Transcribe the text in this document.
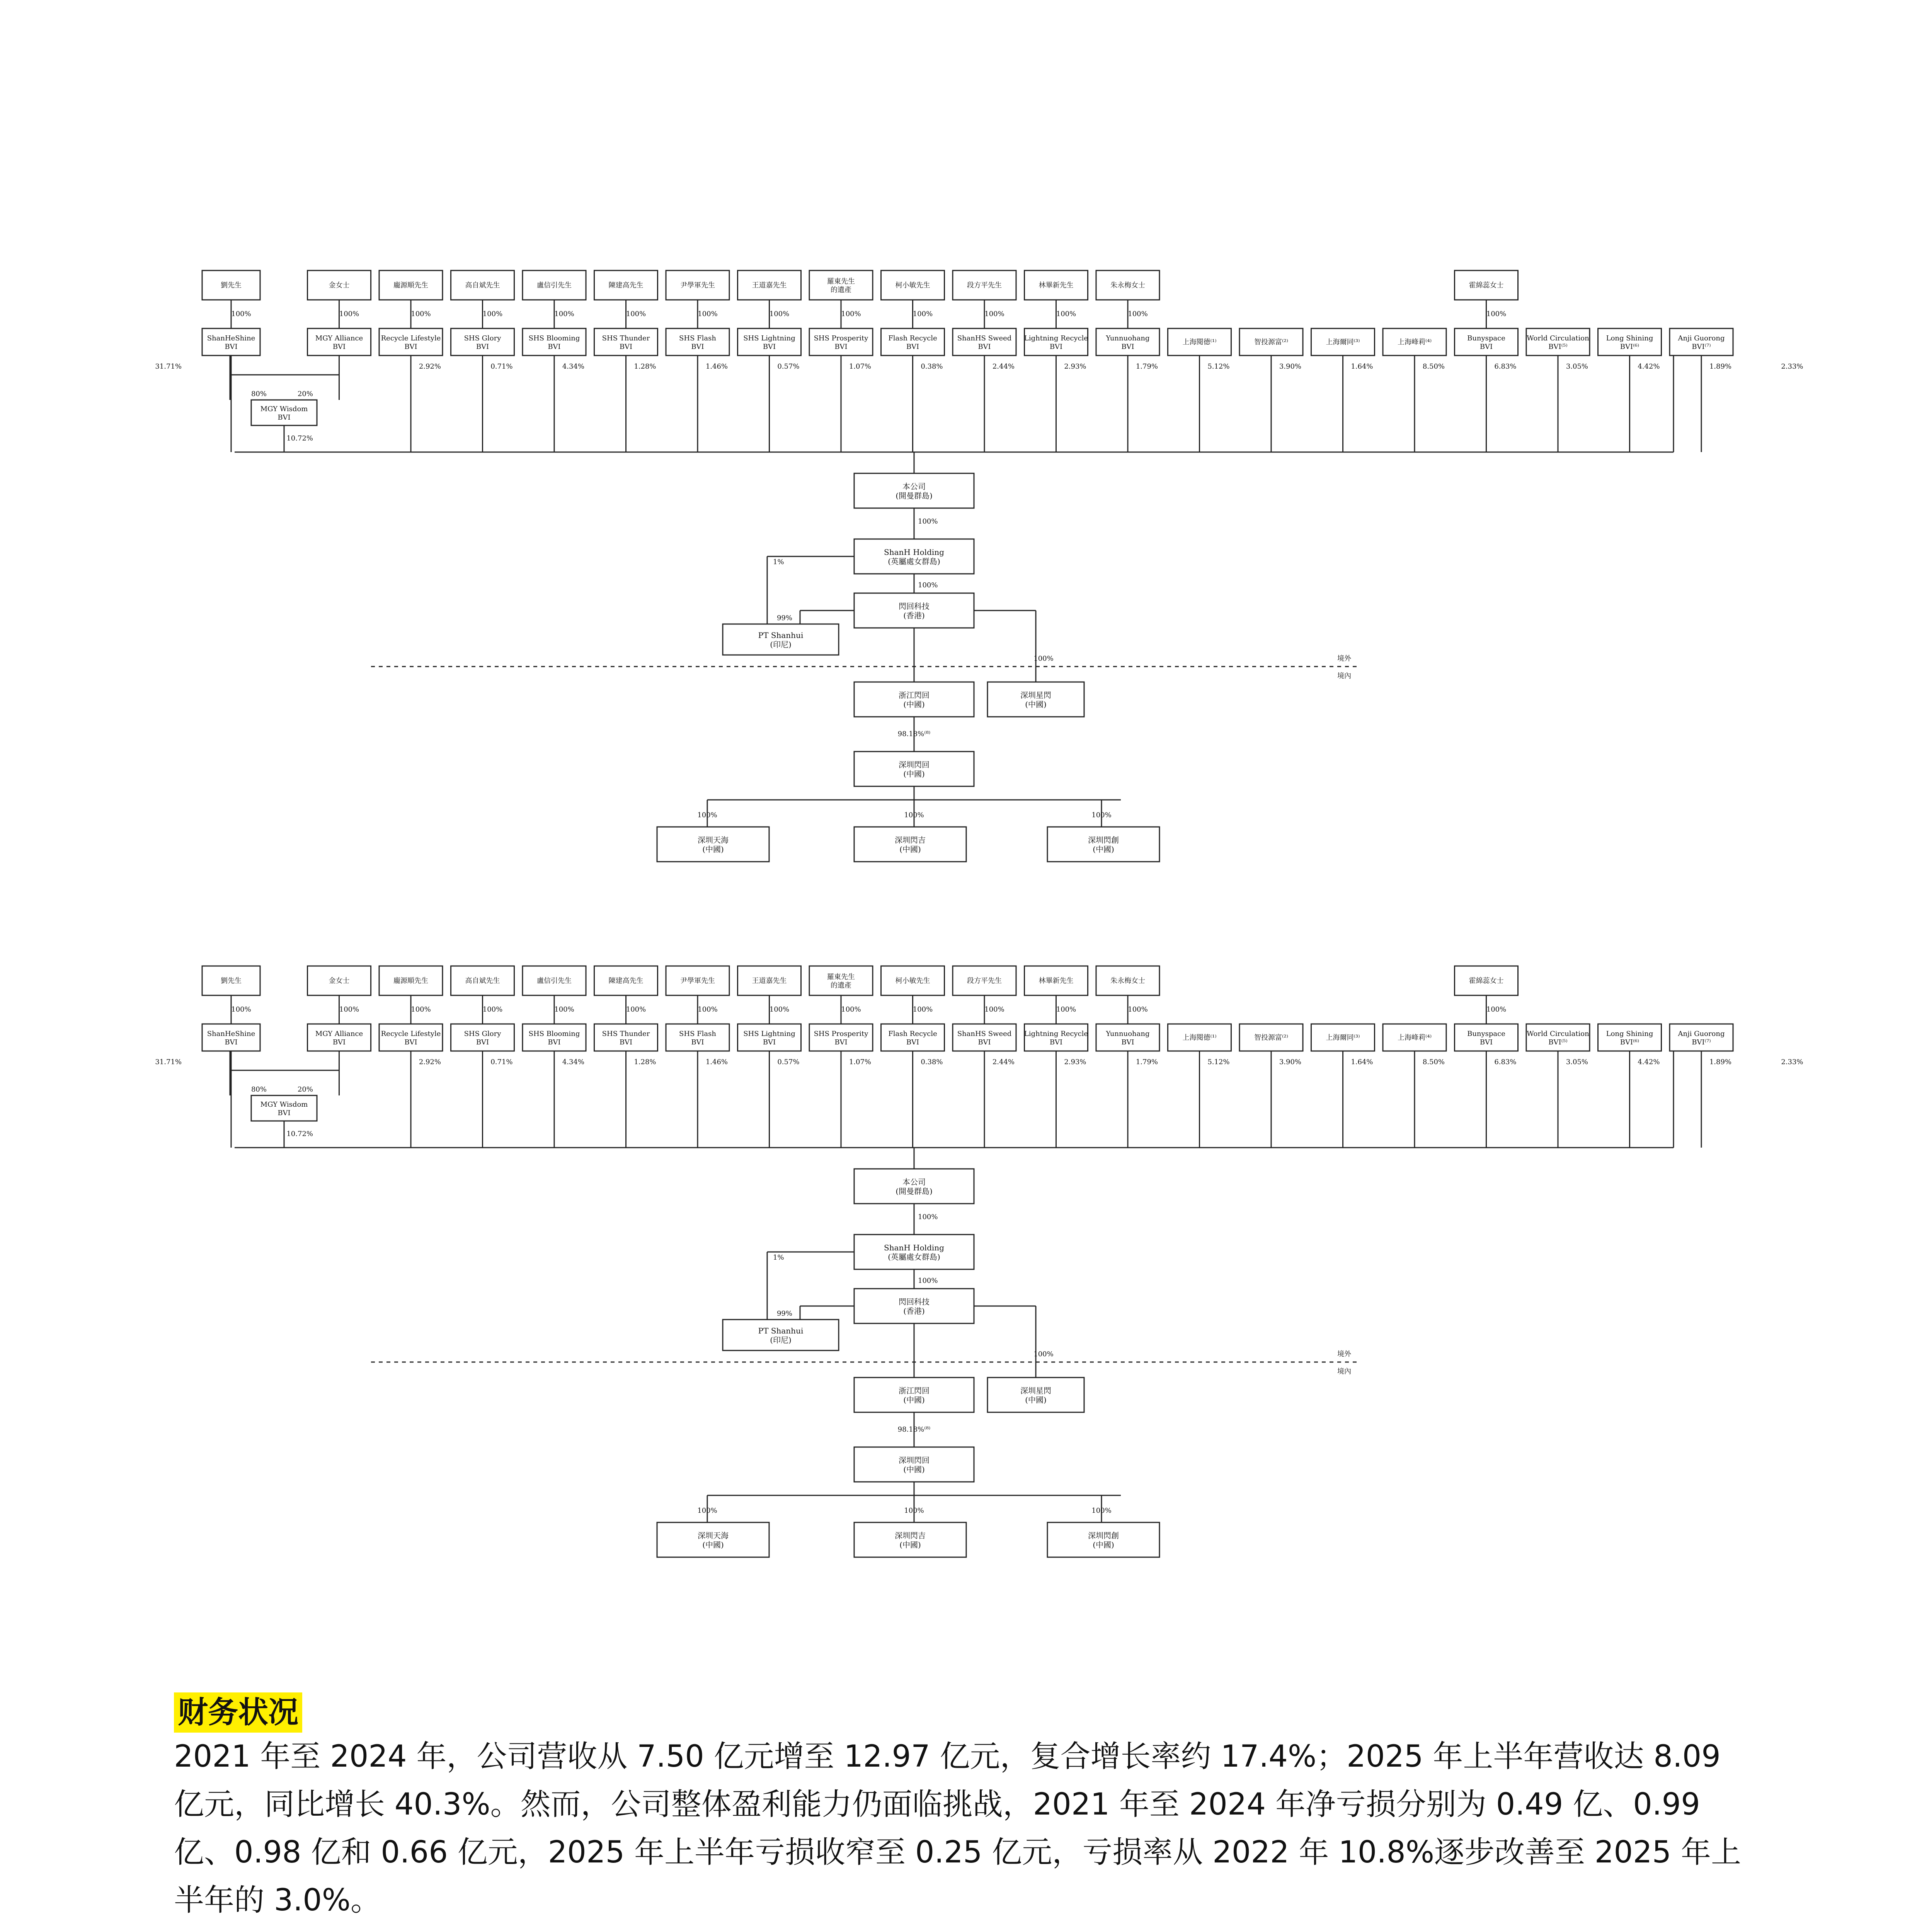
劉先生
100%
金女士
100%
龐源順先生
100%
高自斌先生
100%
盧信引先生
100%
陳建高先生
100%
尹學軍先生
100%
王道嘉先生
100%
羅東先生的遺產
100%
柯小敏先生
100%
段方平先生
100%
林畢新先生
100%
朱永梅女士
100%
霍綿蕊女士
100%
ShanHeShine BVI
31.71%
MGY Alliance BVI
Recycle Lifestyle BVI
2.92%
SHS Glory BVI
0.71%
SHS Blooming BVI
4.34%
SHS Thunder BVI
1.28%
SHS Flash BVI
1.46%
SHS Lightning BVI
0.57%
SHS Prosperity BVI
1.07%
Flash Recycle BVI
0.38%
ShanHS Sweed BVI
2.44%
Lightning Recycle BVI
2.93%
Yunnuohang BVI
1.79%
上海閱德⁽¹⁾
5.12%
智投源富⁽²⁾
3.90%
上海爾同⁽³⁾
1.64%
上海峰莉⁽⁴⁾
8.50%
Bunyspace BVI
6.83%
World Circulation BVI⁽⁵⁾
3.05%
Long Shining BVI⁽⁶⁾
4.42%
Anji Guorong BVI⁽⁷⁾
1.89%	2.33%
80%	20%
MGY Wisdom BVI
10.72%
本公司(開曼群島)
100%
ShanH Holding (英屬處女群島)
100%
閃回科技(香港)
1%
99%
PT Shanhui (印尼)
境外
境內
100%
浙江閃回(中國)
深圳星閃(中國)
98.18%⁽⁸⁾
深圳閃回(中國)
100%
深圳天海(中國)
100%
深圳閃吉(中國)
100%
深圳閃創(中國)
劉先生
100%
金女士
100%
龐源順先生
100%
高自斌先生
100%
盧信引先生
100%
陳建高先生
100%
尹學軍先生
100%
王道嘉先生
100%
羅東先生的遺產
100%
柯小敏先生
100%
段方平先生
100%
林畢新先生
100%
朱永梅女士
100%
霍綿蕊女士
100%
ShanHeShine BVI
31.71%
MGY Alliance BVI
Recycle Lifestyle BVI
2.92%
SHS Glory BVI
0.71%
SHS Blooming BVI
4.34%
SHS Thunder BVI
1.28%
SHS Flash BVI
1.46%
SHS Lightning BVI
0.57%
SHS Prosperity BVI
1.07%
Flash Recycle BVI
0.38%
ShanHS Sweed BVI
2.44%
Lightning Recycle BVI
2.93%
Yunnuohang BVI
1.79%
上海閱德⁽¹⁾
5.12%
智投源富⁽²⁾
3.90%
上海爾同⁽³⁾
1.64%
上海峰莉⁽⁴⁾
8.50%
Bunyspace BVI
6.83%
World Circulation BVI⁽⁵⁾
3.05%
Long Shining BVI⁽⁶⁾
4.42%
Anji Guorong BVI⁽⁷⁾
1.89%	2.33%
80%	20%
MGY Wisdom BVI
10.72%
本公司(開曼群島)
100%
ShanH Holding (英屬處女群島)
100%
閃回科技(香港)
1%
99%
PT Shanhui (印尼)
境外
境內
100%
浙江閃回(中國)
深圳星閃(中國)
98.18%⁽⁸⁾
深圳閃回(中國)
100%
深圳天海(中國)
100%
深圳閃吉(中國)
100%
深圳閃創(中國)
财务状况

2021 年至 2024 年，公司营收从 7.50 亿元增至 12.97 亿元，复合增长率约 17.4%；2025 年上半年营收达 8.09 亿元，同比增长 40.3%。然而，公司整体盈利能力仍面临挑战，2021 年至 2024 年净亏损分别为 0.49 亿、0.99 亿、0.98 亿和 0.66 亿元，2025 年上半年亏损收窄至 0.25 亿元，亏损率从 2022 年 10.8%逐步改善至 2025 年上半年的 3.0%。
